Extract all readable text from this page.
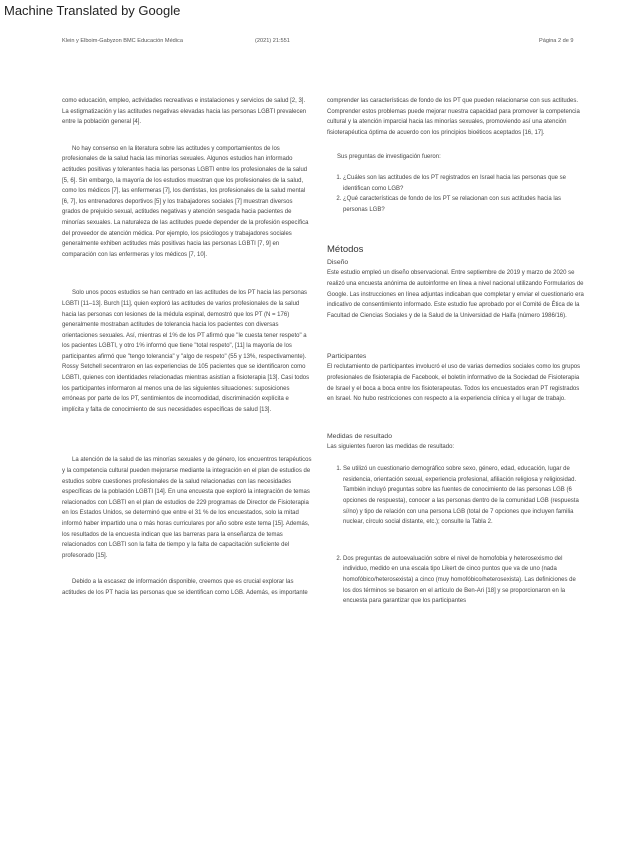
Machine Translated by Google
Klein y Elboim-Gabyzon BMC Educación Médica	(2021) 21:551	Página 2 de 9

como educación, empleo, actividades recreativas e instalaciones y servicios de salud [2, 3]. La estigmatización y las actitudes negativas elevadas hacia las personas LGBTI prevalecen entre la población general [4].

No hay consenso en la literatura sobre las actitudes y comportamientos de los profesionales de la salud hacia las minorías sexuales. Algunos estudios han informado actitudes positivas y tolerantes hacia las personas LGBTI entre los profesionales de la salud [5, 6]. Sin embargo, la mayoría de los estudios muestran que los profesionales de la salud, como los médicos [7], las enfermeras [7], los dentistas, los profesionales de la salud mental [6, 7], los entrenadores deportivos [5] y los trabajadores sociales [7] muestran diversos grados de prejuicio sexual, actitudes negativas y atención sesgada hacia pacientes de minorías sexuales. La naturaleza de las actitudes puede depender de la profesión específica del proveedor de atención médica. Por ejemplo, los psicólogos y trabajadores sociales generalmente exhiben actitudes más positivas hacia las personas LGBTI [7, 9] en comparación con las enfermeras y los médicos [7, 10].

Solo unos pocos estudios se han centrado en las actitudes de los PT hacia las personas LGBTI [11–13]. Burch [11], quien exploró las actitudes de varios profesionales de la salud hacia las personas con lesiones de la médula espinal, demostró que los PT (N = 176) generalmente mostraban actitudes de tolerancia hacia los pacientes con diversas orientaciones sexuales. Así, mientras el 1% de los PT afirmó que "le cuesta tener respeto" a los pacientes LGBTI, y otro 1% informó que tiene "total respeto", [11] la mayoría de los participantes afirmó que "tengo tolerancia" y "algo de respeto" (55 y 13%, respectivamente). Rossy Setchell secentraron en las experiencias de 105 pacientes que se identificaron como LGBTI, quienes con identidades relacionadas mientras asistían a fisioterapia [13]. Casi todos los participantes informaron al menos una de las siguientes situaciones: suposiciones erróneas por parte de los PT, sentimientos de incomodidad, discriminación explícita e implícita y falta de conocimiento de sus necesidades específicas de salud [13].

La atención de la salud de las minorías sexuales y de género, los encuentros terapéuticos y la competencia cultural pueden mejorarse mediante la integración en el plan de estudios de estudios sobre cuestiones profesionales de la salud relacionadas con las necesidades específicas de la población LGBTI [14]. En una encuesta que exploró la integración de temas relacionados con LGBTI en el plan de estudios de 229 programas de Director de Fisioterapia en los Estados Unidos, se determinó que entre el 31 % de los encuestados, solo la mitad informó haber impartido una o más horas curriculares por año sobre este tema [15]. Además, los resultados de la encuesta indican que las barreras para la enseñanza de temas relacionados con LGBTI son la falta de tiempo y la falta de capacitación suficiente del profesorado [15].

Debido a la escasez de información disponible, creemos que es crucial explorar las actitudes de los PT hacia las personas que se identifican como LGB. Además, es importante

comprender las características de fondo de los PT que pueden relacionarse con sus actitudes. Comprender estos problemas puede mejorar nuestra capacidad para promover la competencia cultural y la atención imparcial hacia las minorías sexuales, promoviendo así una atención fisioterapéutica óptima de acuerdo con los principios bioéticos aceptados [16, 17].

Sus preguntas de investigación fueron:

1. ¿Cuáles son las actitudes de los PT registrados en Israel hacia las personas que se identifican como LGB?
2. ¿Qué características de fondo de los PT se relacionan con sus actitudes hacia las personas LGB?
Métodos
Diseño

Este estudio empleó un diseño observacional. Entre septiembre de 2019 y marzo de 2020 se realizó una encuesta anónima de autoinforme en línea a nivel nacional utilizando Formularios de Google. Las instrucciones en línea adjuntas indicaban que completar y enviar el cuestionario era indicativo de consentimiento informado. Este estudio fue aprobado por el Comité de Ética de la Facultad de Ciencias Sociales y de la Salud de la Universidad de Haifa (número 1986/16).

Participantes

El reclutamiento de participantes involucró el uso de varias demedios sociales como los grupos profesionales de fisioterapia de Facebook, el boletín informativo de la Sociedad de Fisioterapia de Israel y el boca a boca entre los fisioterapeutas. Todos los encuestados eran PT registrados en Israel. No hubo restricciones con respecto a la experiencia clínica y el lugar de trabajo.

Medidas de resultado

Las siguientes fueron las medidas de resultado:

1. Se utilizó un cuestionario demográfico sobre sexo, género, edad, educación, lugar de residencia, orientación sexual, experiencia profesional, afiliación religiosa y religiosidad. También incluyó preguntas sobre las fuentes de conocimiento de las personas LGB (6 opciones de respuesta), conocer a las personas dentro de la comunidad LGB (respuesta sí/no) y tipo de relación con una persona LGB (total de 7 opciones que incluyen familia nuclear, círculo social distante, etc.); consulte la Tabla 2.
2. Dos preguntas de autoevaluación sobre el nivel de homofobia y heterosexismo del individuo, medido en una escala tipo Likert de cinco puntos que va de uno (nada homofóbico/heterosexista) a cinco (muy homofóbico/heterosexista). Las definiciones de los dos términos se basaron en el artículo de Ben-Ari [18] y se proporcionaron en la encuesta para garantizar que los participantes
